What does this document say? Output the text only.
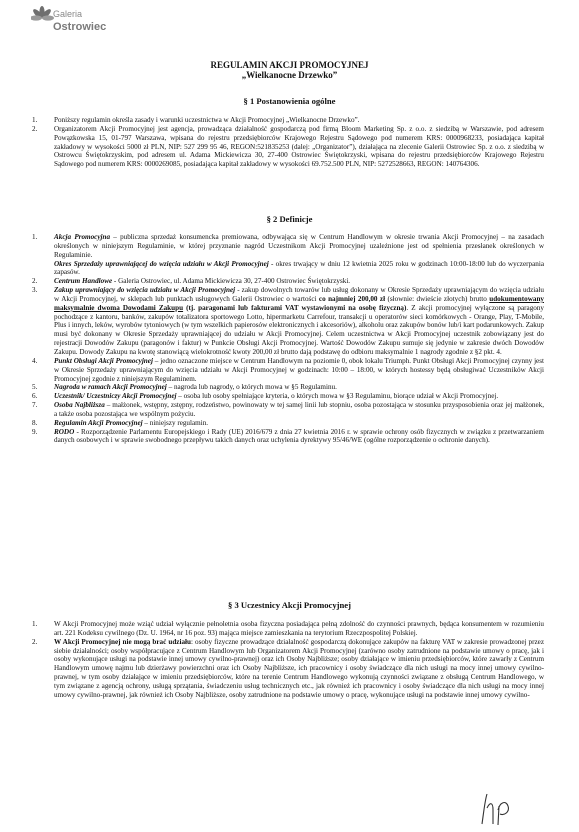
Galeria
Ostrowiec
REGULAMIN AKCJI PROMOCYJNEJ
„Wielkanocne Drzewko”
§ 1 Postanowienia ogólne

1. Poniższy regulamin określa zasady i warunki uczestnictwa w Akcji Promocyjnej „Wielkanocne Drzewko”.

2. Organizatorem Akcji Promocyjnej jest agencja, prowadząca działalność gospodarczą pod firmą Bloom Marketing Sp. z o.o. z siedzibą w Warszawie, pod adresem Powązkowska 15, 01-797 Warszawa, wpisana do rejestru przedsiębiorców Krajowego Rejestru Sądowego pod numerem KRS: 0000968233, posiadająca kapitał zakładowy w wysokości 5000 zł PLN, NIP: 527 299 95 46, REGON:521835253 (dalej: „Organizator”), działająca na zlecenie Galerii Ostrowiec Sp. z o.o. z siedzibą w Ostrowcu Świętokrzyskim, pod adresem ul. Adama Mickiewicza 30, 27-400 Ostrowiec Świętokrzyski, wpisana do rejestru przedsiębiorców Krajowego Rejestru Sądowego pod numerem KRS: 0000269085, posiadająca kapitał zakładowy w wysokości 69.752.500 PLN, NIP: 5272528663, REGON: 140764306.

§ 2 Definicje

1. Akcja Promocyjna – publiczna sprzedaż konsumencka premiowana, odbywająca się w Centrum Handlowym w okresie trwania Akcji Promocyjnej – na zasadach określonych w niniejszym Regulaminie, w której przyznanie nagród Uczestnikom Akcji Promocyjnej uzależnione jest od spełnienia przesłanek określonych w Regulaminie.
Okres Sprzedaży uprawniającej do wzięcia udziału w Akcji Promocyjnej - okres trwający w dniu 12 kwietnia 2025 roku w godzinach 10:00-18:00 lub do wyczerpania zapasów.

2. Centrum Handlowe - Galeria Ostrowiec, ul. Adama Mickiewicza 30, 27-400 Ostrowiec Świętokrzyski.

3. Zakup uprawniający do wzięcia udziału w Akcji Promocyjnej - zakup dowolnych towarów lub usług dokonany w Okresie Sprzedaży uprawniającym do wzięcia udziału w Akcji Promocyjnej, w sklepach lub punktach usługowych Galerii Ostrowiec o wartości co najmniej 200,00 zł (słownie: dwieście złotych) brutto udokumentowany maksymalnie dwoma Dowodami Zakupu (tj. paragonami lub fakturami VAT wystawionymi na osobę fizyczną). Z akcji promocyjnej wyłączone są paragony pochodzące z kantoru, banków, zakupów totalizatora sportowego Lotto, hipermarketu Carrefour, transakcji u operatorów sieci komórkowych - Orange, Play, T-Mobile, Plus i innych, leków, wyrobów tytoniowych (w tym wszelkich papierosów elektronicznych i akcesoriów), alkoholu oraz zakupów bonów lub/i kart podarunkowych. Zakup musi być dokonany w Okresie Sprzedaży uprawniającej do udziału w Akcji Promocyjnej. Celem uczestnictwa w Akcji Promocyjnej uczestnik zobowiązany jest do rejestracji Dowodów Zakupu (paragonów i faktur) w Punkcie Obsługi Akcji Promocyjnej. Wartość Dowodów Zakupu sumuje się jedynie w zakresie dwóch Dowodów Zakupu. Dowody Zakupu na kwotę stanowiącą wielokrotność kwoty 200,00 zł brutto dają podstawę do odbioru maksymalnie 1 nagrody zgodnie z §2 pkt. 4.

4. Punkt Obsługi Akcji Promocyjnej – jedno oznaczone miejsce w Centrum Handlowym na poziomie 0, obok lokalu Triumph. Punkt Obsługi Akcji Promocyjnej czynny jest w Okresie Sprzedaży uprawniającym do wzięcia udziału w Akcji Promocyjnej w godzinach: 10:00 – 18:00, w których hostessy będą obsługiwać Uczestników Akcji Promocyjnej zgodnie z niniejszym Regulaminem.

5. Nagroda w ramach Akcji Promocyjnej – nagroda lub nagrody, o których mowa w §5 Regulaminu.

6. Uczestnik/ Uczestniczy Akcji Promocyjnej – osoba lub osoby spełniające kryteria, o których mowa w §3 Regulaminu, biorące udział w Akcji Promocyjnej.

7. Osoba Najbliższa – małżonek, wstępny, zstępny, rodzeństwo, powinowaty w tej samej linii lub stopniu, osoba pozostająca w stosunku przysposobienia oraz jej małżonek, a także osoba pozostająca we wspólnym pożyciu.

8. Regulamin Akcji Promocyjnej – niniejszy regulamin.

9. RODO - Rozporządzenie Parlamentu Europejskiego i Rady (UE) 2016/679 z dnia 27 kwietnia 2016 r. w sprawie ochrony osób fizycznych w związku z przetwarzaniem danych osobowych i w sprawie swobodnego przepływu takich danych oraz uchylenia dyrektywy 95/46/WE (ogólne rozporządzenie o ochronie danych).

§ 3 Uczestnicy Akcji Promocyjnej

1. W Akcji Promocyjnej może wziąć udział wyłącznie pełnoletnia osoba fizyczna posiadająca pełną zdolność do czynności prawnych, będąca konsumentem w rozumieniu art. 221 Kodeksu cywilnego (Dz. U. 1964, nr 16 poz. 93) mająca miejsce zamieszkania na terytorium Rzeczpospolitej Polskiej.

2. W Akcji Promocyjnej nie mogą brać udziału: osoby fizyczne prowadzące działalność gospodarczą dokonujące zakupów na fakturę VAT w zakresie prowadzonej przez siebie działalności; osoby współpracujące z Centrum Handlowym lub Organizatorem Akcji Promocyjnej (zarówno osoby zatrudnione na podstawie umowy o pracę, jak i osoby wykonujące usługi na podstawie innej umowy cywilno-prawnej) oraz ich Osoby Najbliższe; osoby działające w imieniu przedsiębiorców, które zawarły z Centrum Handlowym umowę najmu lub dzierżawy powierzchni oraz ich Osoby Najbliższe, ich pracownicy i osoby świadczące dla nich usługi na mocy innej umowy cywilno-prawnej, w tym osoby działające w imieniu przedsiębiorców, które na terenie Centrum Handlowego wykonują czynności związane z obsługą Centrum Handlowego, w tym związane z agencją ochrony, usługą sprzątania, świadczeniu usług technicznych etc., jak również ich pracownicy i osoby świadczące dla nich usługi na mocy innej umowy cywilno-prawnej, jak również ich Osoby Najbliższe, osoby zatrudnione na podstawie umowy o pracę, wykonujące usługi na podstawie innej umowy cywilno-
